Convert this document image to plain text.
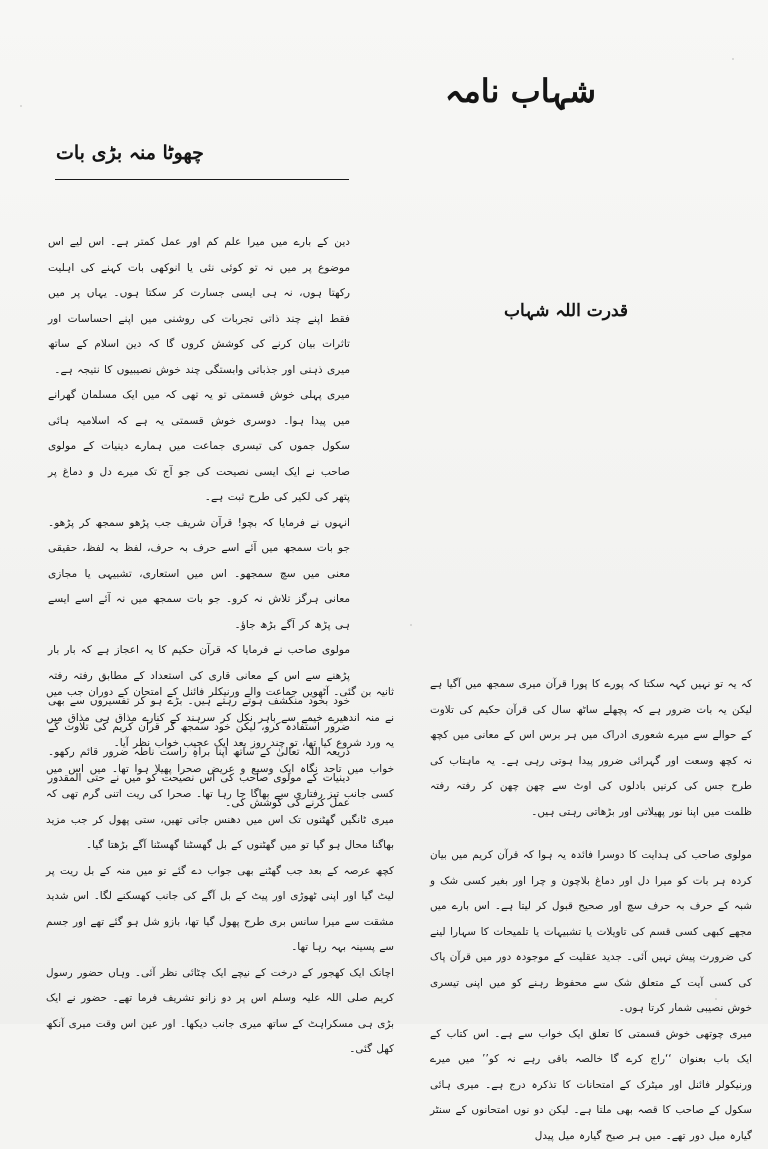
شہاب نامہ
چھوٹا منہ بڑی بات
قدرت اللہ شہاب

دین کے بارے میں میرا علم کم اور عمل کمتر ہے۔ اس لیے اس موضوع پر میں نہ تو کوئی نئی یا انوکھی بات کہنے کی اہلیت رکھتا ہوں، نہ ہی ایسی جسارت کر سکتا ہوں۔ یہاں پر میں فقط اپنے چند ذاتی تجربات کی روشنی میں اپنے احساسات اور تاثرات بیان کرنے کی کوشش کروں گا کہ دین اسلام کے ساتھ میری ذہنی اور جذباتی وابستگی چند خوش نصیبیوں کا نتیجہ ہے۔

میری پہلی خوش قسمتی تو یہ تھی کہ میں ایک مسلمان گھرانے میں پیدا ہوا۔ دوسری خوش قسمتی یہ ہے کہ اسلامیہ ہائی سکول جموں کی تیسری جماعت میں ہمارے دینیات کے مولوی صاحب نے ایک ایسی نصیحت کی جو آج تک میرے دل و دماغ پر پتھر کی لکیر کی طرح ثبت ہے۔

انہوں نے فرمایا کہ بچو! قرآن شریف جب پڑھو سمجھ کر پڑھو۔ جو بات سمجھ میں آئے اسے حرف بہ حرف، لفظ بہ لفظ، حقیقی معنی میں سچ سمجھو۔ اس میں استعاری، تشبیہی یا مجازی معانی ہرگز تلاش نہ کرو۔ جو بات سمجھ میں نہ آئے اسے ایسے ہی پڑھ کر آگے بڑھ جاؤ۔

مولوی صاحب نے فرمایا کہ قرآن حکیم کا یہ اعجاز ہے کہ بار بار پڑھنے سے اس کے معانی قاری کی استعداد کے مطابق رفتہ رفتہ خود بخود منکشف ہوتے رہتے ہیں۔ بڑے ہو کر تفسیروں سے بھی ضرور استفادہ کرو، لیکن خود سمجھ کر قرآن کریم کی تلاوت کے ذریعہ اللہ تعالیٰ کے ساتھ اپنا براہِ راست ناطہ ضرور قائم رکھو۔ دینیات کے مولوی صاحب کی اس نصیحت کو میں نے حتی المقدور عمل کرنے کی کوشش کی۔

ثانیہ بن گئی۔ آٹھویں جماعت والے ورنیکلر فائنل کے امتحان کے دوران جب میں نے منہ اندھیرے خیمے سے باہر نکل کر سرہند کے کنارے مذاق ہی مذاق میں یہ ورد شروع کیا تھا، تو چند روز بعد ایک عجیب خواب نظر آیا۔

خواب میں تاحد نگاہ ایک وسیع و عریض صحرا پھیلا ہوا تھا۔ میں اس میں کسی جانب تیز رفتاری سے بھاگا جا رہا تھا۔ صحرا کی ریت اتنی گرم تھی کہ میری ٹانگیں گھٹنوں تک اس میں دھنس جاتی تھیں، ستی پھول کر جب مزید بھاگنا محال ہو گیا تو میں گھٹنوں کے بل گھسٹنا گھسٹنا آگے بڑھتا گیا۔

کچھ عرصہ کے بعد جب گھٹنے بھی جواب دے گئے تو میں منہ کے بل ریت پر لیٹ گیا اور اپنی ٹھوڑی اور پیٹ کے بل آگے کی جانب کھسکنے لگا۔ اس شدید مشقت سے میرا سانس بری طرح پھول گیا تھا، بازو شل ہو گئے تھے اور جسم سے پسینہ بہہ رہا تھا۔

اچانک ایک کھجور کے درخت کے نیچے ایک چٹائی نظر آئی۔ وہاں حضور رسول کریم صلی اللہ علیہ وسلم اس پر دو زانو تشریف فرما تھے۔ حضور نے ایک بڑی ہی مسکراہٹ کے ساتھ میری جانب دیکھا۔ اور عین اس وقت میری آنکھ کھل گئی۔

کہ یہ تو نہیں کہہ سکتا کہ پورے کا پورا قرآن میری سمجھ میں آگیا ہے لیکن یہ بات ضرور ہے کہ پچھلے ساٹھ سال کی قرآن حکیم کی تلاوت کے حوالے سے میرے شعوری ادراک میں ہر برس اس کے معانی میں کچھ نہ کچھ وسعت اور گہرائی ضرور پیدا ہوتی رہی ہے۔ یہ ماہتاب کی طرح جس کی کرنیں بادلوں کی اوٹ سے چھن چھن کر رفتہ رفتہ ظلمت میں اپنا نور پھیلاتی اور بڑھاتی رہتی ہیں۔

مولوی صاحب کی ہدایت کا دوسرا فائدہ یہ ہوا کہ قرآن کریم میں بیان کردہ ہر بات کو میرا دل اور دماغ بلاچون و چرا اور بغیر کسی شک و شبہ کے حرف بہ حرف سچ اور صحیح قبول کر لیتا ہے۔ اس بارے میں مجھے کبھی کسی قسم کی تاویلات یا تشبیہات یا تلمیحات کا سہارا لینے کی ضرورت پیش نہیں آئی۔ جدید عقلیت کے موجودہ دور میں قرآن پاک کی کسی آیت کے متعلق شک سے محفوظ رہنے کو میں اپنی تیسری خوش نصیبی شمار کرتا ہوں۔

میری چوتھی خوش قسمتی کا تعلق ایک خواب سے ہے۔ اس کتاب کے ایک باب بعنوان ‘‘راج کرے گا خالصہ باقی رہے نہ کو’’ میں میرے ورنیکولر فائنل اور میٹرک کے امتحانات کا تذکرہ درج ہے۔ میری ہائی سکول کے صاحب کا قصہ بھی ملتا ہے۔ لیکن دو نوں امتحانوں کے سنٹر گیارہ میل دور تھے۔ میں ہر صبح گیارہ میل پیدل
